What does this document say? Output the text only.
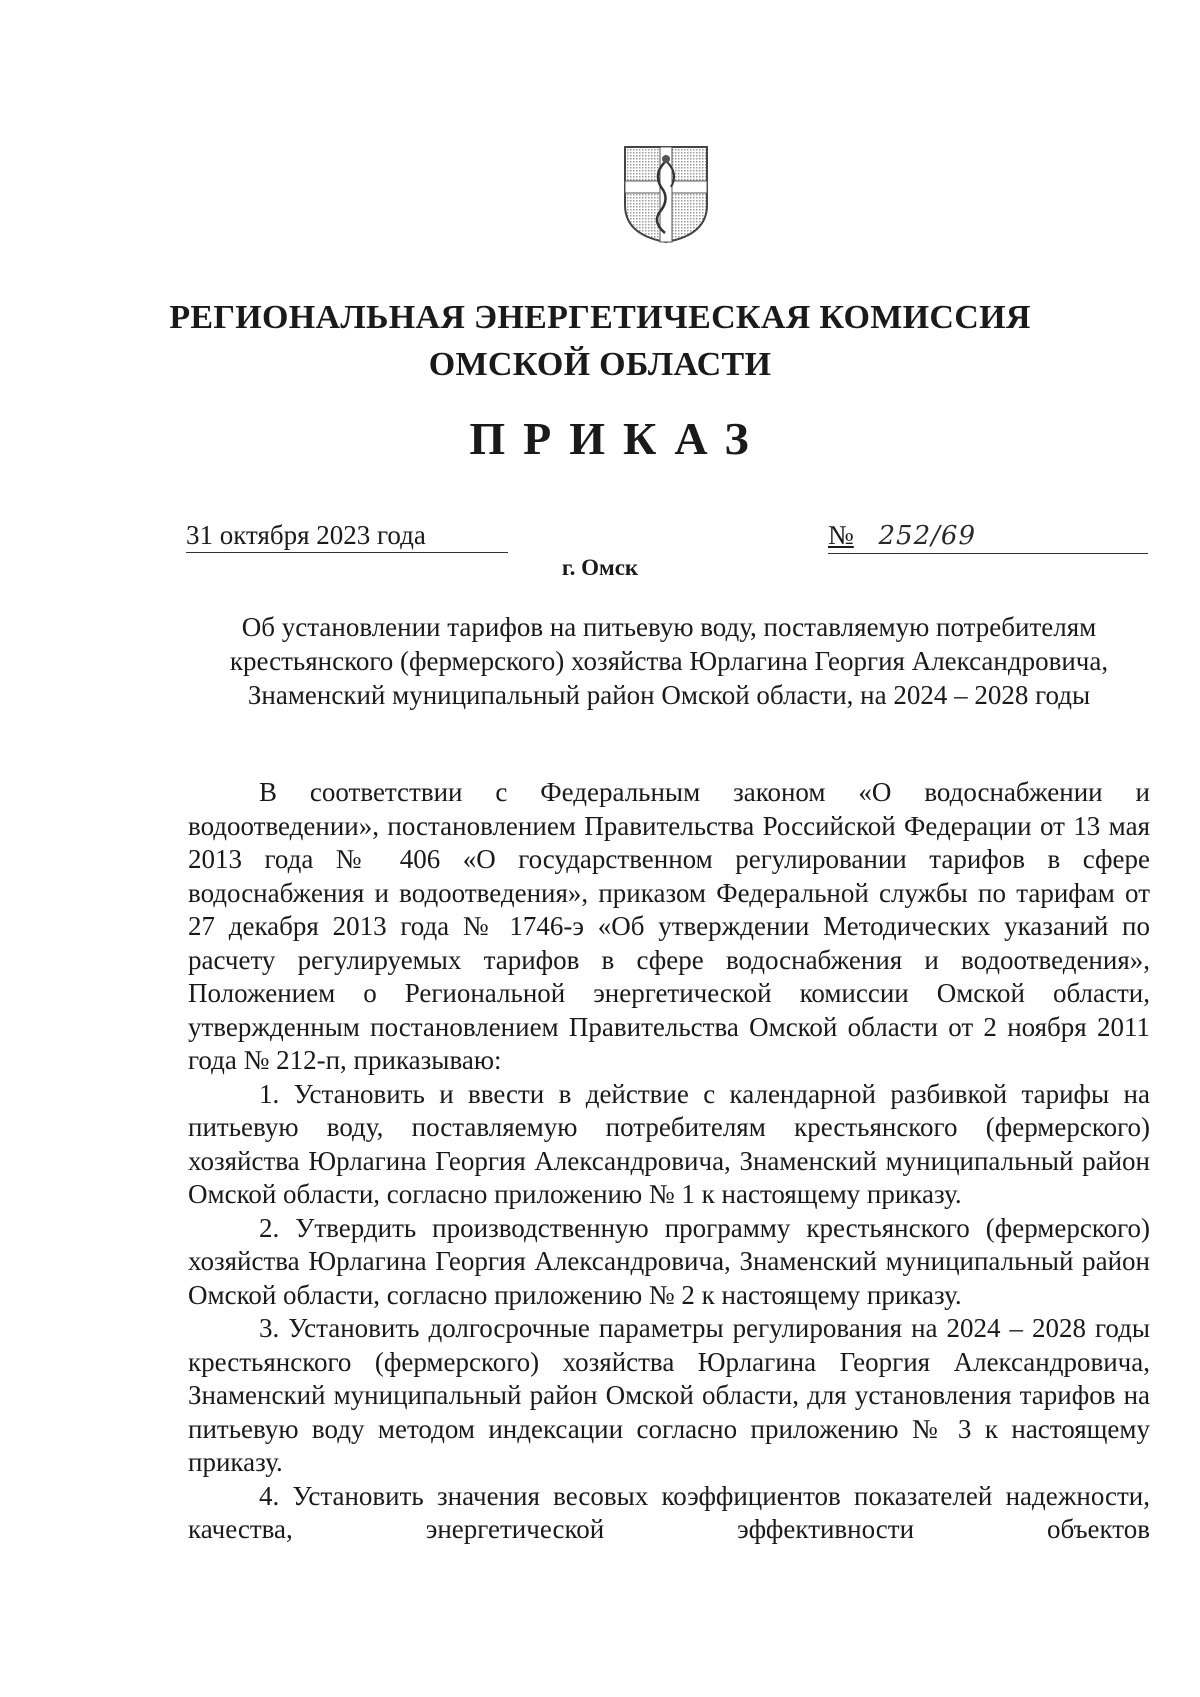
РЕГИОНАЛЬНАЯ ЭНЕРГЕТИЧЕСКАЯ КОМИССИЯ
ОМСКОЙ ОБЛАСТИ
ПРИКАЗ
31 октября 2023 года	№ 252/69
г. Омск
Об установлении тарифов на питьевую воду, поставляемую потребителям крестьянского (фермерского) хозяйства Юрлагина Георгия Александровича, Знаменский муниципальный район Омской области, на 2024 – 2028 годы

В соответствии с Федеральным законом «О водоснабжении и водоотведении», постановлением Правительства Российской Федерации от 13 мая 2013 года № 406 «О государственном регулировании тарифов в сфере водоснабжения и водоотведения», приказом Федеральной службы по тарифам от 27 декабря 2013 года № 1746-э «Об утверждении Методических указаний по расчету регулируемых тарифов в сфере водоснабжения и водоотведения», Положением о Региональной энергетической комиссии Омской области, утвержденным постановлением Правительства Омской области от 2 ноября 2011 года № 212-п, приказываю:

1. Установить и ввести в действие с календарной разбивкой тарифы на питьевую воду, поставляемую потребителям крестьянского (фермерского) хозяйства Юрлагина Георгия Александровича, Знаменский муниципальный район Омской области, согласно приложению № 1 к настоящему приказу.

2. Утвердить производственную программу крестьянского (фермерского) хозяйства Юрлагина Георгия Александровича, Знаменский муниципальный район Омской области, согласно приложению № 2 к настоящему приказу.

3. Установить долгосрочные параметры регулирования на 2024 – 2028 годы крестьянского (фермерского) хозяйства Юрлагина Георгия Александровича, Знаменский муниципальный район Омской области, для установления тарифов на питьевую воду методом индексации согласно приложению № 3 к настоящему приказу.

4. Установить значения весовых коэффициентов показателей надежности, качества, энергетической эффективности объектов
